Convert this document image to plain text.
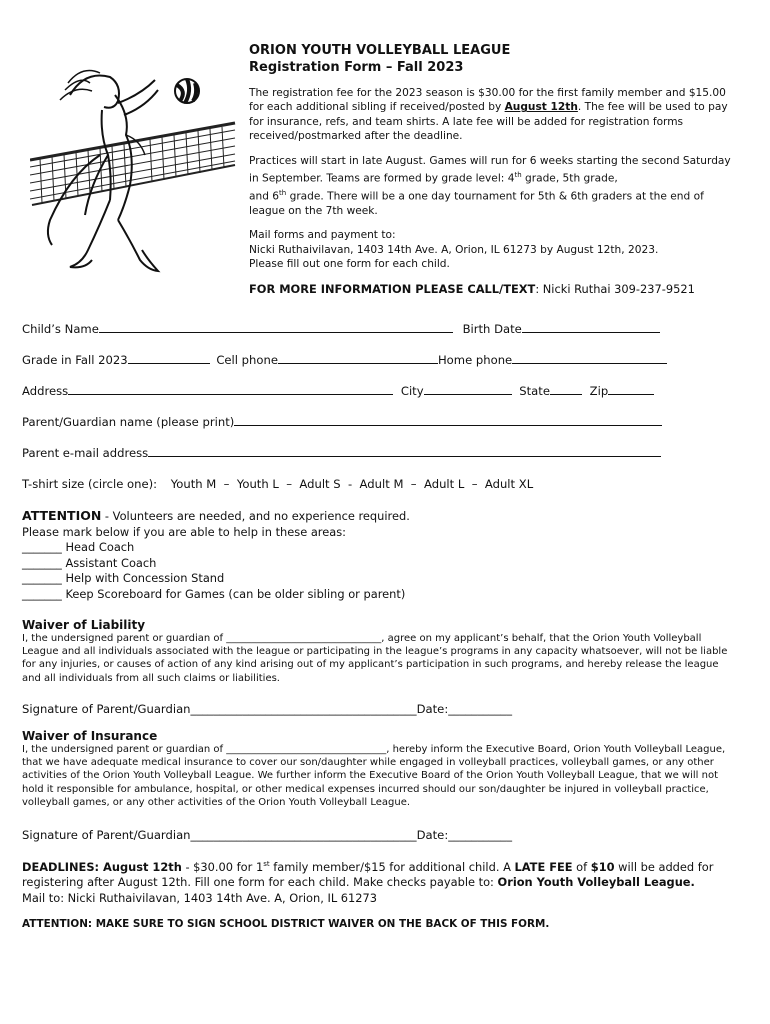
ORION YOUTH VOLLEYBALL LEAGUE
Registration Form – Fall 2023

The registration fee for the 2023 season is $30.00 for the first family member and $15.00 for each additional sibling if received/posted by August 12th. The fee will be used to pay for insurance, refs, and team shirts. A late fee will be added for registration forms received/postmarked after the deadline.

Practices will start in late August. Games will run for 6 weeks starting the second Saturday in September. Teams are formed by grade level: 4th grade, 5th grade,
and 6th grade. There will be a one day tournament for 5th & 6th graders at the end of league on the 7th week.

Mail forms and payment to:
Nicki Ruthaivilavan, 1403 14th Ave. A, Orion, IL 61273 by August 12th, 2023.
Please fill out one form for each child.

FOR MORE INFORMATION PLEASE CALL/TEXT: Nicki Ruthai 309-237-9521

Child’s Name	Birth Date
Grade in Fall 2023	Cell phone	Home phone
Address	City	State	Zip
Parent/Guardian name (please print)
Parent e-mail address
T-shirt size (circle one): Youth M  –  Youth L  –  Adult S  -  Adult M  –  Adult L  –  Adult XL
ATTENTION - Volunteers are needed, and no experience required.
Please mark below if you are able to help in these areas:
_______ Head Coach
_______ Assistant Coach
_______ Help with Concession Stand
_______ Keep Scoreboard for Games (can be older sibling or parent)
Waiver of Liability
I, the undersigned parent or guardian of _______________________________, agree on my applicant’s behalf, that the Orion Youth Volleyball League and all individuals associated with the league or participating in the league’s programs in any capacity whatsoever, will not be liable for any injuries, or causes of action of any kind arising out of my applicant’s participation in such programs, and hereby release the league and all individuals from all such claims or liabilities.
Signature of Parent/Guardian_______________________________________Date:___________
Waiver of Insurance
I, the undersigned parent or guardian of ________________________________, hereby inform the Executive Board, Orion Youth Volleyball League, that we have adequate medical insurance to cover our son/daughter while engaged in volleyball practices, volleyball games, or any other activities of the Orion Youth Volleyball League. We further inform the Executive Board of the Orion Youth Volleyball League, that we will not hold it responsible for ambulance, hospital, or other medical expenses incurred should our son/daughter be injured in volleyball practice, volleyball games, or any other activities of the Orion Youth Volleyball League.
Signature of Parent/Guardian_______________________________________Date:___________
DEADLINES: August 12th - $30.00 for 1st family member/$15 for additional child. A LATE FEE of $10 will be added for registering after August 12th. Fill one form for each child. Make checks payable to: Orion Youth Volleyball League.
Mail to: Nicki Ruthaivilavan, 1403 14th Ave. A, Orion, IL 61273
ATTENTION: MAKE SURE TO SIGN SCHOOL DISTRICT WAIVER ON THE BACK OF THIS FORM.
